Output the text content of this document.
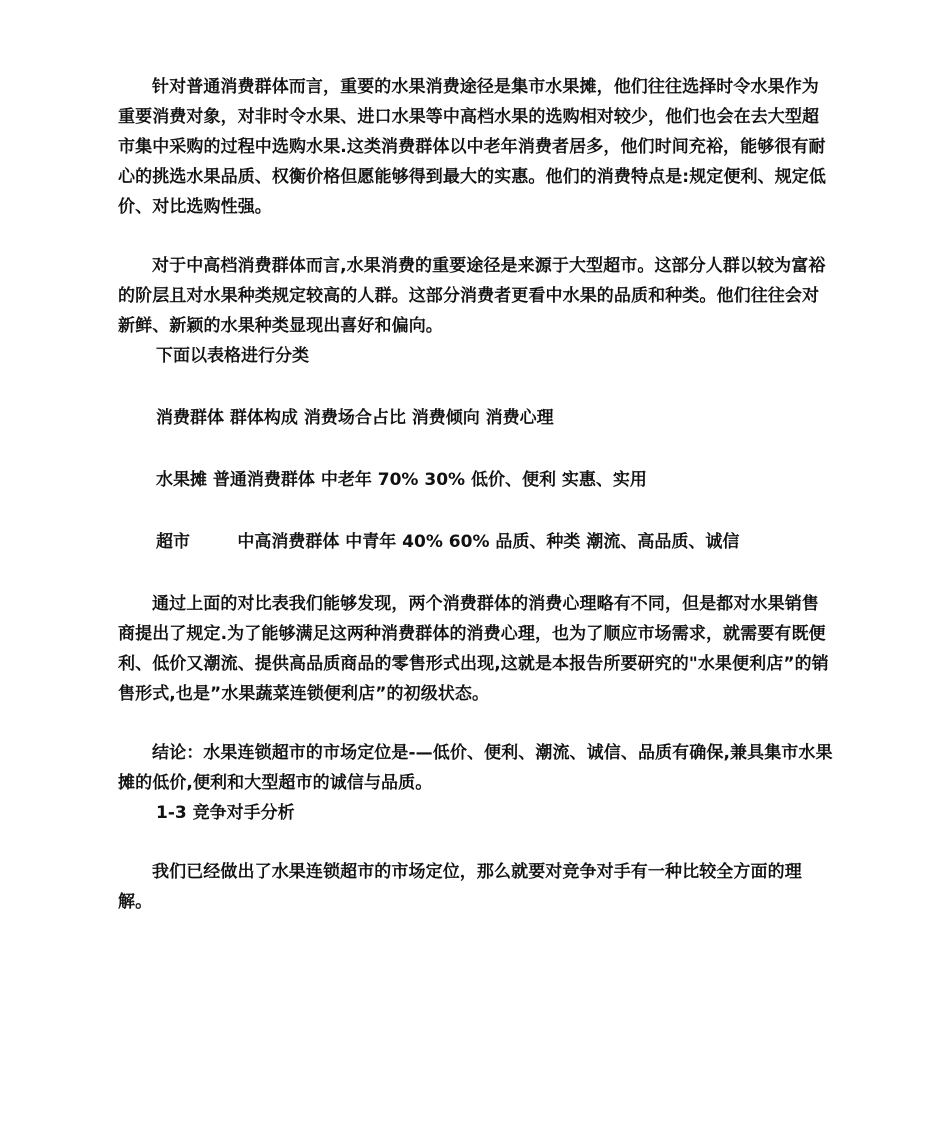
针对普通消费群体而言，重要的水果消费途径是集市水果摊，他们往往选择时令水果作为重要消费对象，对非时令水果、进口水果等中高档水果的选购相对较少，他们也会在去大型超市集中采购的过程中选购水果.这类消费群体以中老年消费者居多，他们时间充裕，能够很有耐心的挑选水果品质、权衡价格但愿能够得到最大的实惠。他们的消费特点是:规定便利、规定低价、对比选购性强。

对于中高档消费群体而言,水果消费的重要途径是来源于大型超市。这部分人群以较为富裕的阶层且对水果种类规定较高的人群。这部分消费者更看中水果的品质和种类。他们往往会对新鲜、新颖的水果种类显现出喜好和偏向。

下面以表格进行分类

消费群体 群体构成 消费场合占比 消费倾向 消费心理

水果摊 普通消费群体 中老年 70% 30% 低价、便利 实惠、实用

超市        中高消费群体 中青年 40% 60% 品质、种类 潮流、高品质、诚信

通过上面的对比表我们能够发现，两个消费群体的消费心理略有不同，但是都对水果销售商提出了规定.为了能够满足这两种消费群体的消费心理，也为了顺应市场需求，就需要有既便利、低价又潮流、提供高品质商品的零售形式出现,这就是本报告所要研究的"水果便利店”的销售形式,也是”水果蔬菜连锁便利店”的初级状态。

结论：水果连锁超市的市场定位是-—低价、便利、潮流、诚信、品质有确保,兼具集市水果摊的低价,便利和大型超市的诚信与品质。

1-3 竞争对手分析

我们已经做出了水果连锁超市的市场定位，那么就要对竞争对手有一种比较全方面的理解。
